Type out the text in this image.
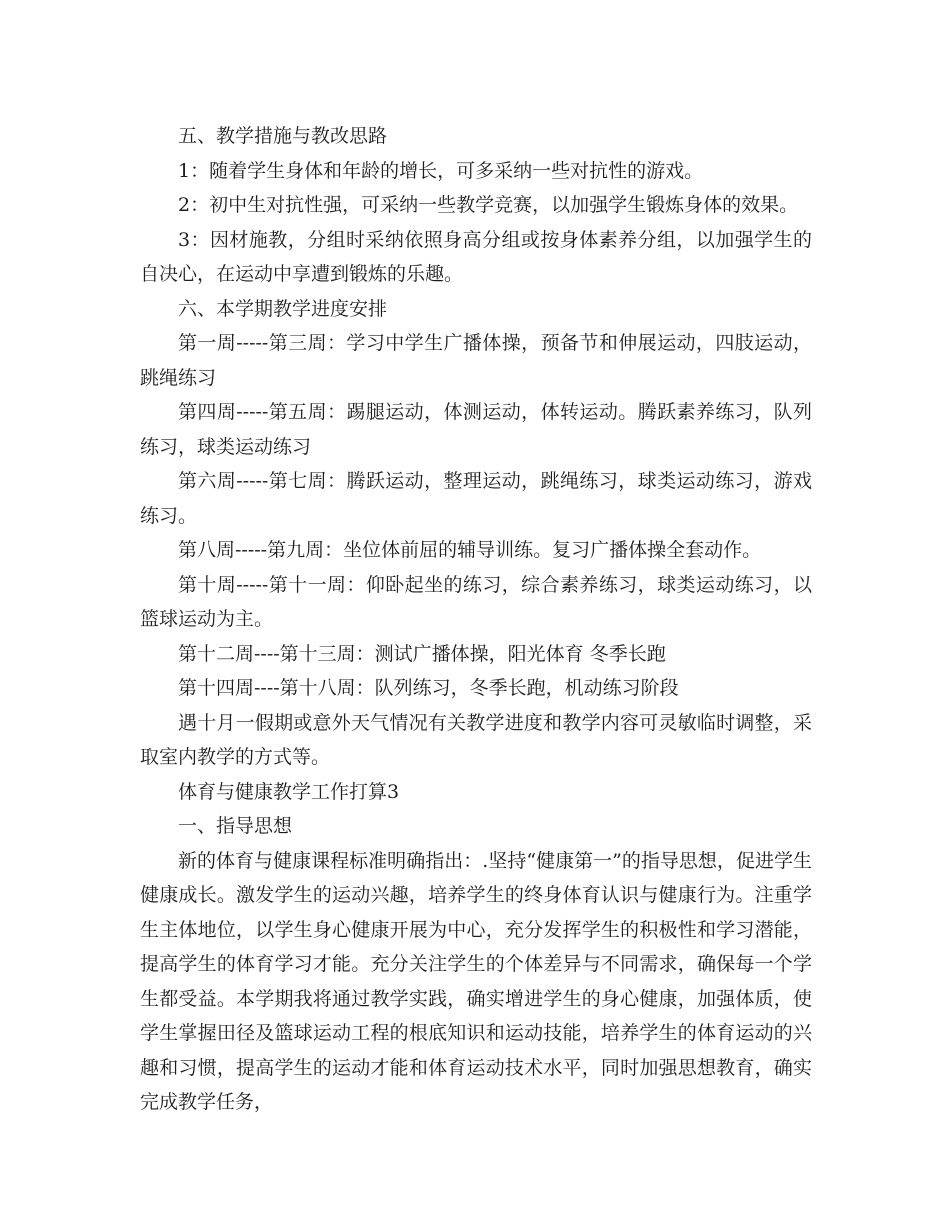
五、教学措施与教改思路

1：随着学生身体和年龄的增长，可多采纳一些对抗性的游戏。

2：初中生对抗性强，可采纳一些教学竞赛，以加强学生锻炼身体的效果。

3：因材施教，分组时采纳依照身高分组或按身体素养分组，以加强学生的自决心，在运动中享遭到锻炼的乐趣。

六、本学期教学进度安排

第一周-----第三周：学习中学生广播体操，预备节和伸展运动，四肢运动，跳绳练习

第四周-----第五周：踢腿运动，体测运动，体转运动。腾跃素养练习，队列练习，球类运动练习

第六周-----第七周：腾跃运动，整理运动，跳绳练习，球类运动练习，游戏练习。

第八周-----第九周：坐位体前屈的辅导训练。复习广播体操全套动作。

第十周-----第十一周：仰卧起坐的练习，综合素养练习，球类运动练习，以篮球运动为主。

第十二周----第十三周：测试广播体操，阳光体育 冬季长跑

第十四周----第十八周：队列练习，冬季长跑，机动练习阶段

遇十月一假期或意外天气情况有关教学进度和教学内容可灵敏临时调整，采取室内教学的方式等。

体育与健康教学工作打算3

一、指导思想

新的体育与健康课程标准明确指出：.坚持“健康第一”的指导思想，促进学生健康成长。激发学生的运动兴趣，培养学生的终身体育认识与健康行为。注重学生主体地位，以学生身心健康开展为中心，充分发挥学生的积极性和学习潜能，提高学生的体育学习才能。充分关注学生的个体差异与不同需求，确保每一个学生都受益。本学期我将通过教学实践，确实增进学生的身心健康，加强体质，使学生掌握田径及篮球运动工程的根底知识和运动技能，培养学生的体育运动的兴趣和习惯，提高学生的运动才能和体育运动技术水平，同时加强思想教育，确实完成教学任务，
